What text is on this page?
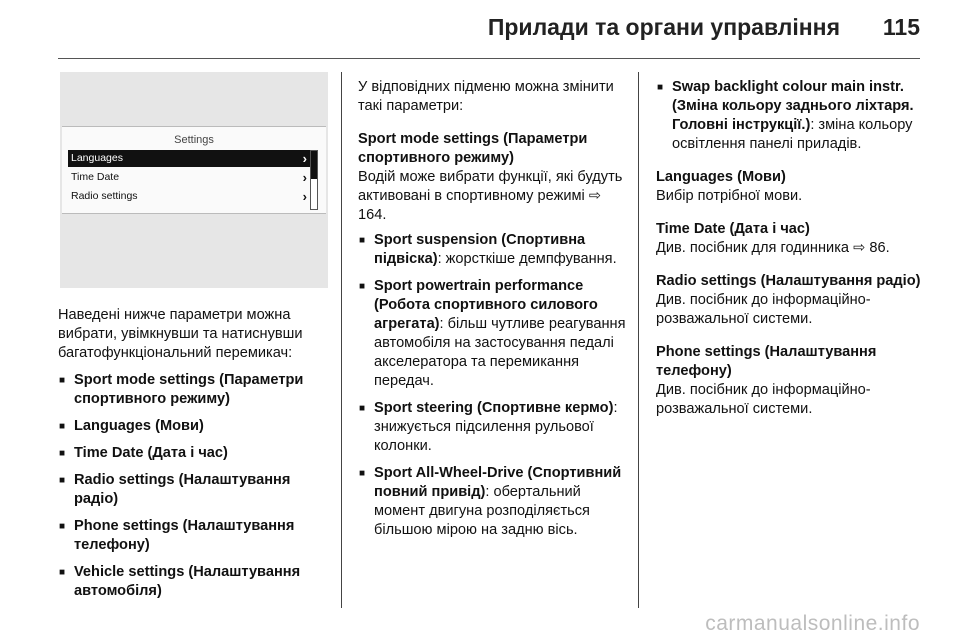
Прилади та органи управління 115
Settings
Languages	›
Time Date	›
Radio settings	›

Наведені нижче параметри можна вибрати, увімкнувши та натиснувши багатофункціональний перемикач:

■ Sport mode settings (Параметри спортивного режиму)
■ Languages (Мови)
■ Time Date (Дата і час)
■ Radio settings (Налаштування радіо)
■ Phone settings (Налаштування телефону)
■ Vehicle settings (Налаштування автомобіля)

У відповідних підменю можна змінити такі параметри:

Sport mode settings (Параметри спортивного режиму)

Водій може вибрати функції, які будуть активовані в спортивному режимі ⇨ 164.

■ Sport suspension (Спортивна підвіска): жорсткіше демпфування.
■ Sport powertrain performance (Робота спортивного силового агрегата): більш чутливе реагування автомобіля на застосування педалі акселератора та перемикання передач.
■ Sport steering (Спортивне кермо): знижується підсилення рульової колонки.
■ Sport All-Wheel-Drive (Спортивний повний привід): обертальний момент двигуна розподіляється більшою мірою на задню вісь.
■ Swap backlight colour main instr. (Зміна кольору заднього ліхтаря. Головні інструкції.): зміна кольору освітлення панелі приладів.
Languages (Мови)
Вибір потрібної мови.
Time Date (Дата і час)
Див. посібник для годинника ⇨ 86.
Radio settings (Налаштування радіо)
Див. посібник до інформаційно-розважальної системи.
Phone settings (Налаштування телефону)
Див. посібник до інформаційно-розважальної системи.
carmanualsonline.info
